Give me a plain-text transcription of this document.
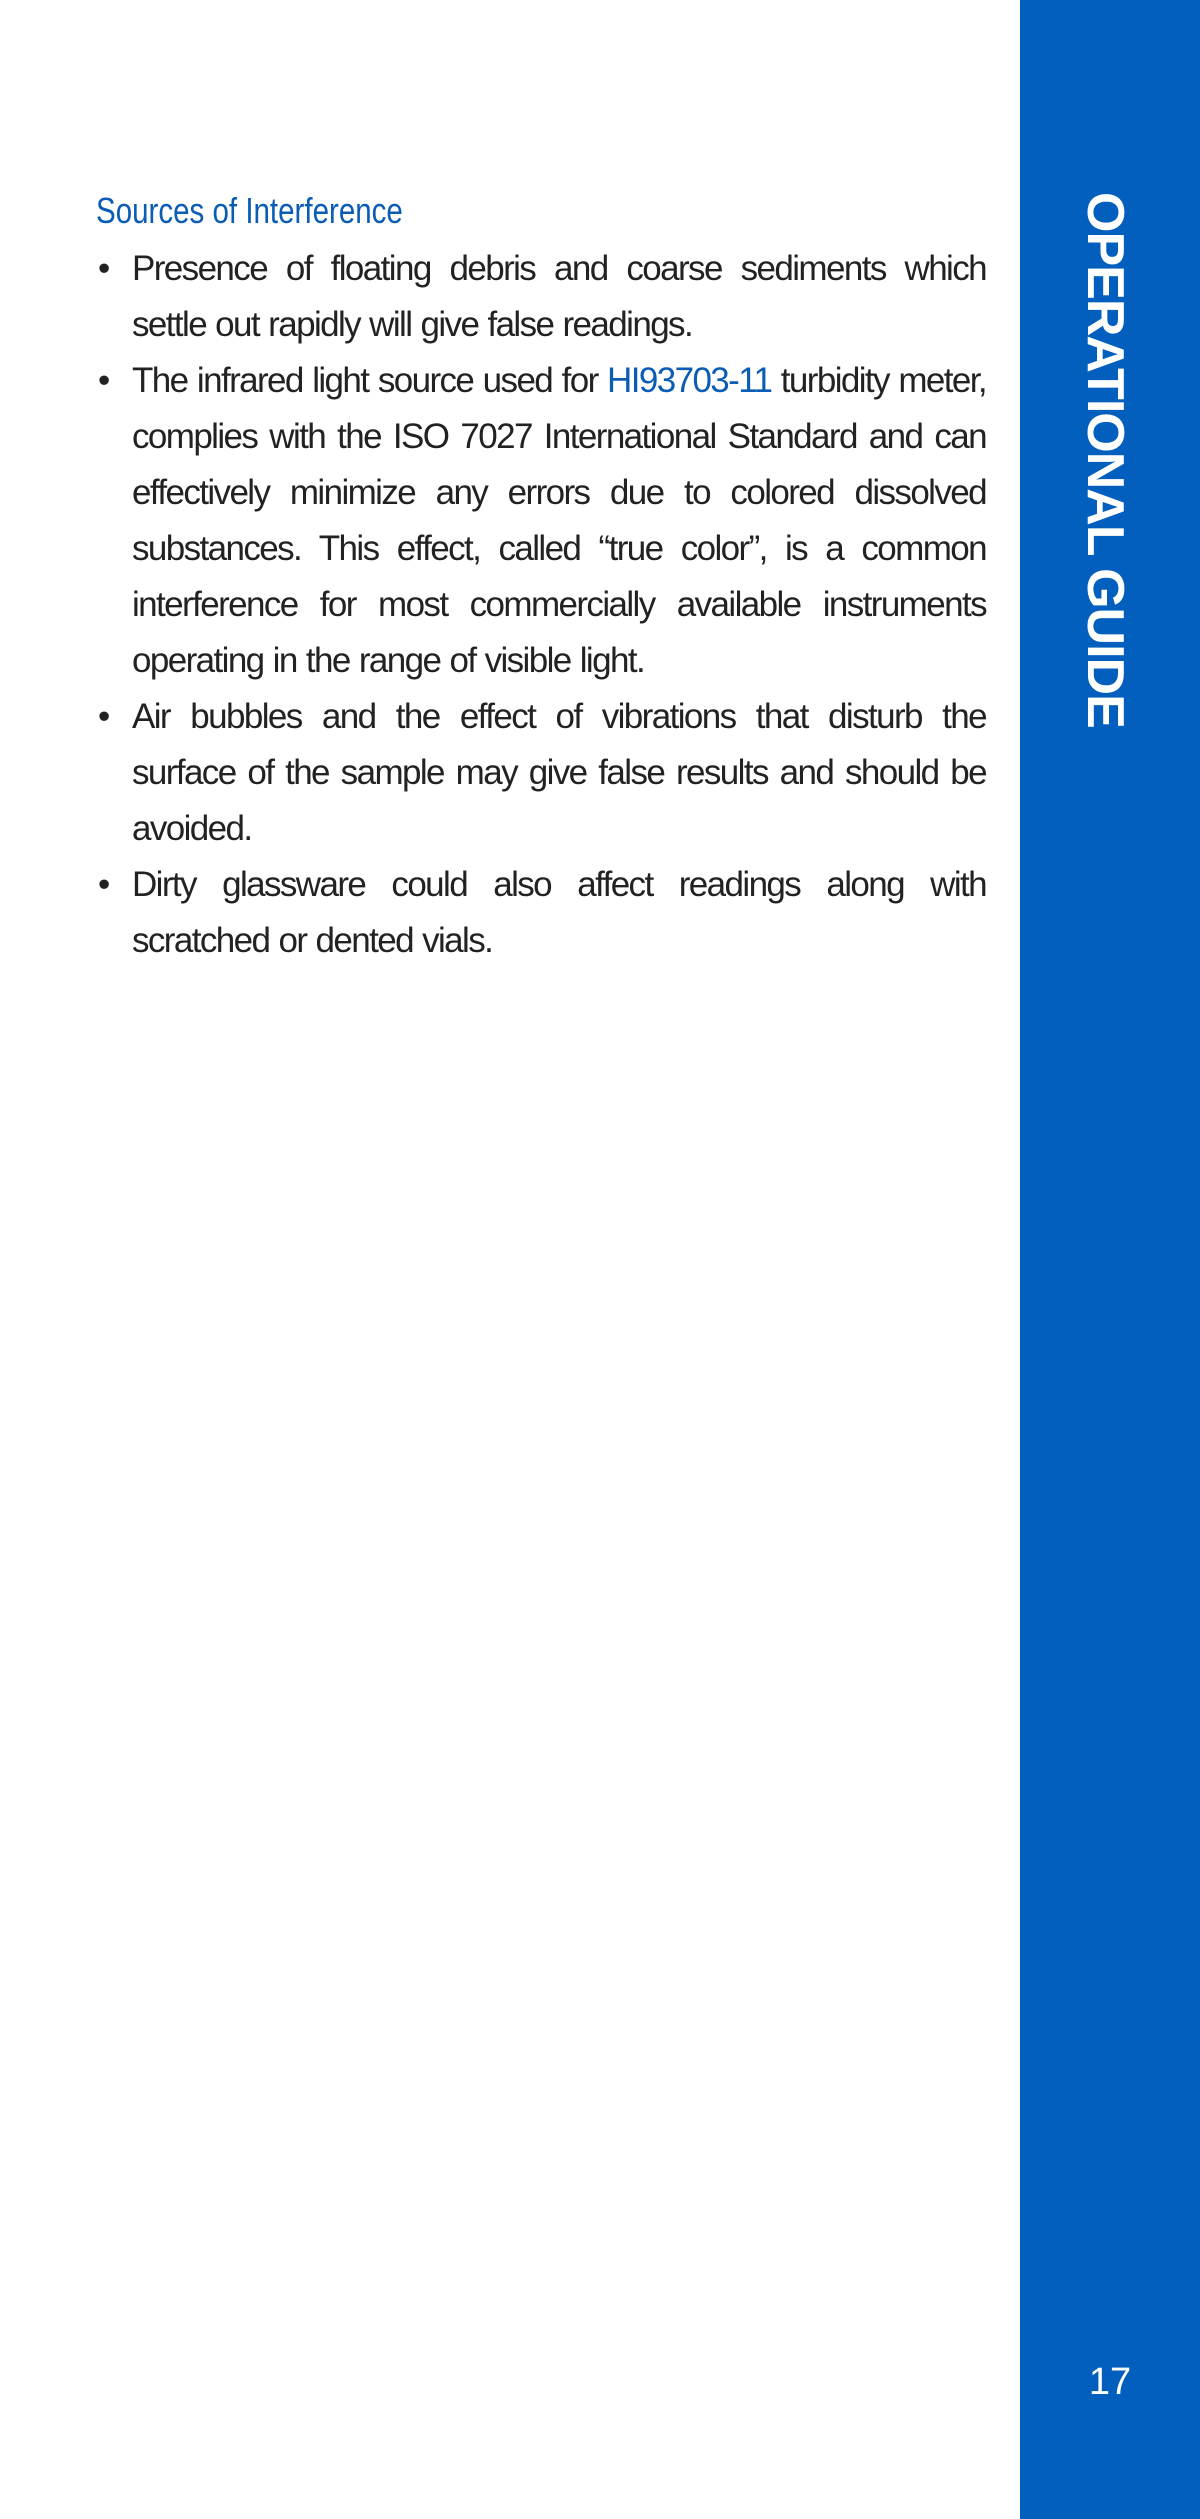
Sources of Interference
• Presence of floating debris and coarse sediments which settle out rapidly will give false readings.
• The infrared light source used for HI93703-11 turbidity meter, complies with the ISO 7027 International Standard and can effectively minimize any errors due to colored dissolved substances. This effect, called “true color”, is a common interference for most commercially available instruments operating in the range of visible light.
• Air bubbles and the effect of vibrations that disturb the surface of the sample may give false results and should be avoided.
• Dirty glassware could also affect readings along with scratched or dented vials.
OPERATIONAL GUIDE
17
